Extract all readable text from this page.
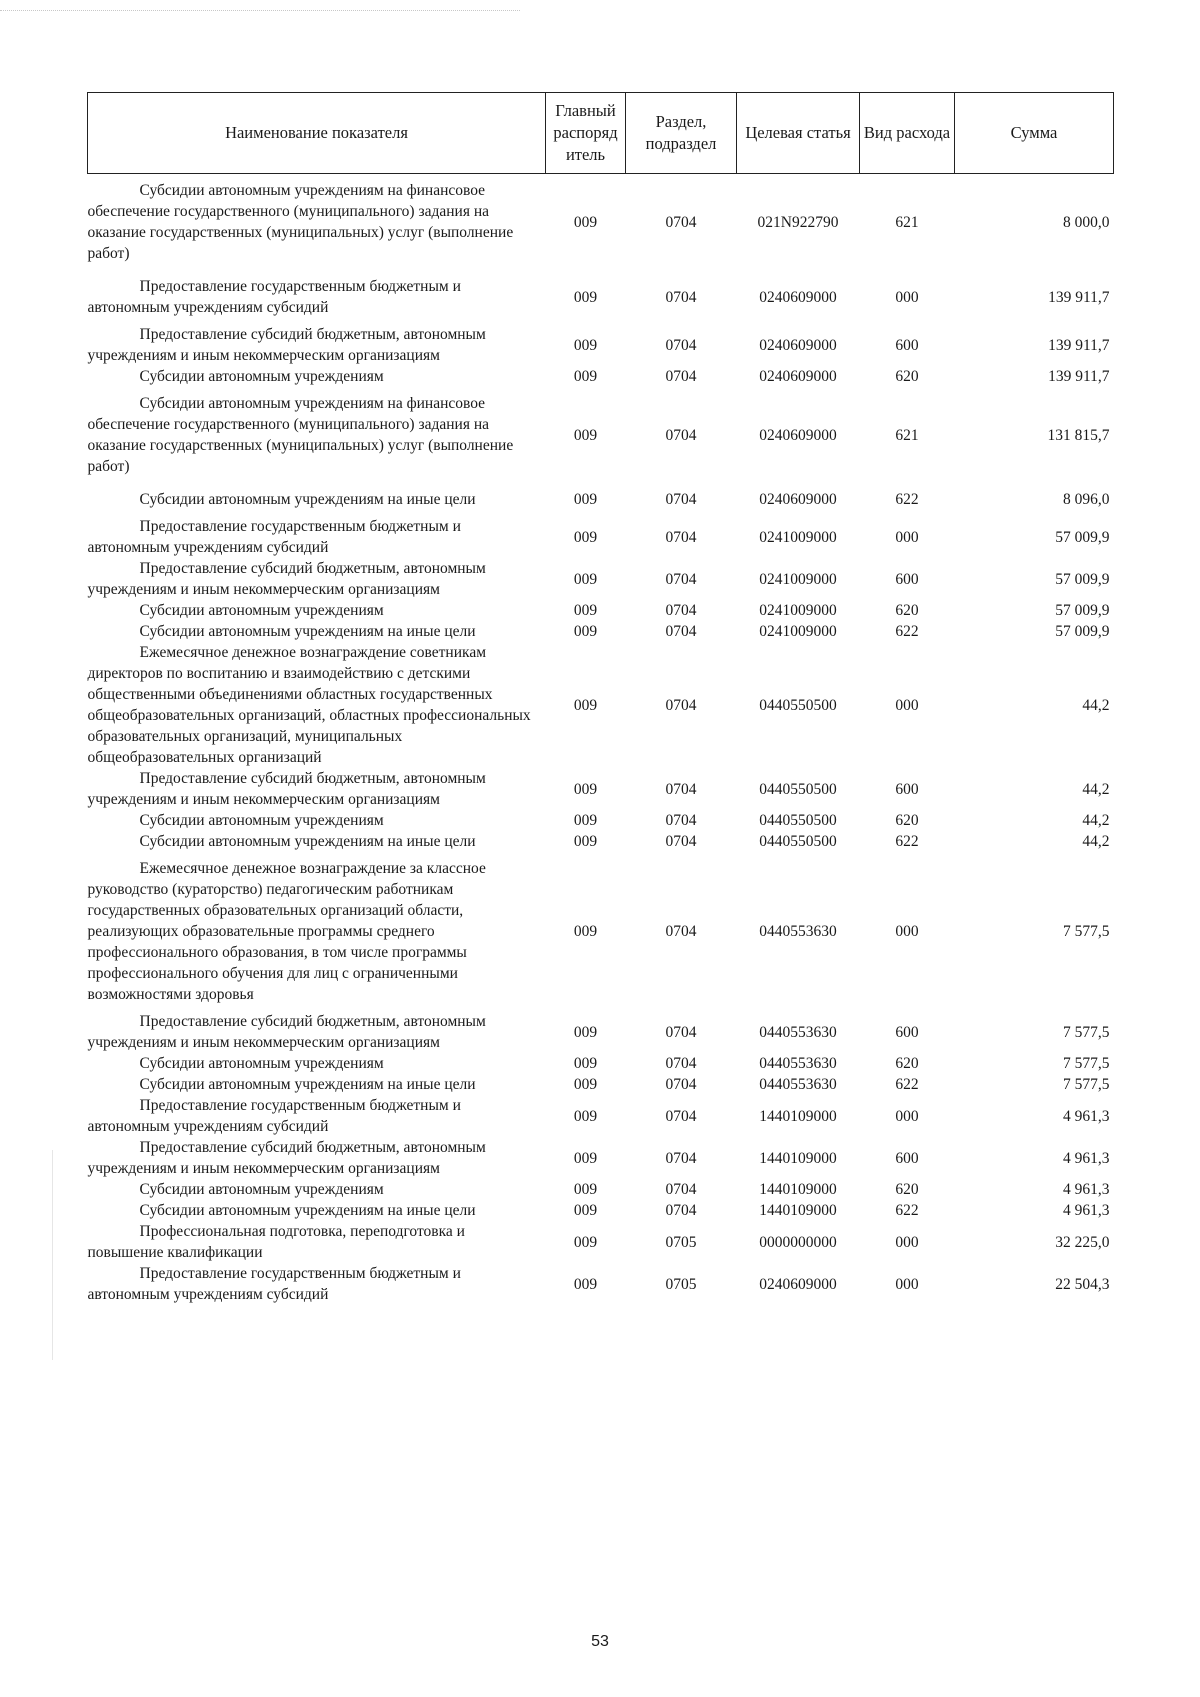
Наименование показателя	Главный распоряд итель	Раздел, подраздел	Целевая статья	Вид расхода	Сумма

Субсидии автономным учреждениям на финансовое обеспечение государственного (муниципального) задания на оказание государственных (муниципальных) услуг (выполнение работ)	009	0704	021N922790	621	8 000,0

Предоставление государственным бюджетным и автономным учреждениям субсидий	009	0704	0240609000	000	139 911,7

Предоставление субсидий бюджетным, автономным учреждениям и иным некоммерческим организациям	009	0704	0240609000	600	139 911,7

Субсидии автономным учреждениям	009	0704	0240609000	620	139 911,7

Субсидии автономным учреждениям на финансовое обеспечение государственного (муниципального) задания на оказание государственных (муниципальных) услуг (выполнение работ)	009	0704	0240609000	621	131 815,7

Субсидии автономным учреждениям на иные цели	009	0704	0240609000	622	8 096,0

Предоставление государственным бюджетным и автономным учреждениям субсидий	009	0704	0241009000	000	57 009,9

Предоставление субсидий бюджетным, автономным учреждениям и иным некоммерческим организациям	009	0704	0241009000	600	57 009,9

Субсидии автономным учреждениям	009	0704	0241009000	620	57 009,9

Субсидии автономным учреждениям на иные цели	009	0704	0241009000	622	57 009,9

Ежемесячное денежное вознаграждение советникам директоров по воспитанию и взаимодействию с детскими общественными объединениями областных государственных общеобразовательных организаций, областных профессиональных образовательных организаций, муниципальных общеобразовательных организаций	009	0704	0440550500	000	44,2

Предоставление субсидий бюджетным, автономным учреждениям и иным некоммерческим организациям	009	0704	0440550500	600	44,2

Субсидии автономным учреждениям	009	0704	0440550500	620	44,2

Субсидии автономным учреждениям на иные цели	009	0704	0440550500	622	44,2

Ежемесячное денежное вознаграждение за классное руководство (кураторство) педагогическим работникам государственных образовательных организаций области, реализующих образовательные программы среднего профессионального образования, в том числе программы профессионального обучения для лиц с ограниченными возможностями здоровья	009	0704	0440553630	000	7 577,5

Предоставление субсидий бюджетным, автономным учреждениям и иным некоммерческим организациям	009	0704	0440553630	600	7 577,5

Субсидии автономным учреждениям	009	0704	0440553630	620	7 577,5

Субсидии автономным учреждениям на иные цели	009	0704	0440553630	622	7 577,5

Предоставление государственным бюджетным и автономным учреждениям субсидий	009	0704	1440109000	000	4 961,3

Предоставление субсидий бюджетным, автономным учреждениям и иным некоммерческим организациям	009	0704	1440109000	600	4 961,3

Субсидии автономным учреждениям	009	0704	1440109000	620	4 961,3

Субсидии автономным учреждениям на иные цели	009	0704	1440109000	622	4 961,3

Профессиональная подготовка, переподготовка и повышение квалификации	009	0705	0000000000	000	32 225,0

Предоставление государственным бюджетным и автономным учреждениям субсидий	009	0705	0240609000	000	22 504,3
53
